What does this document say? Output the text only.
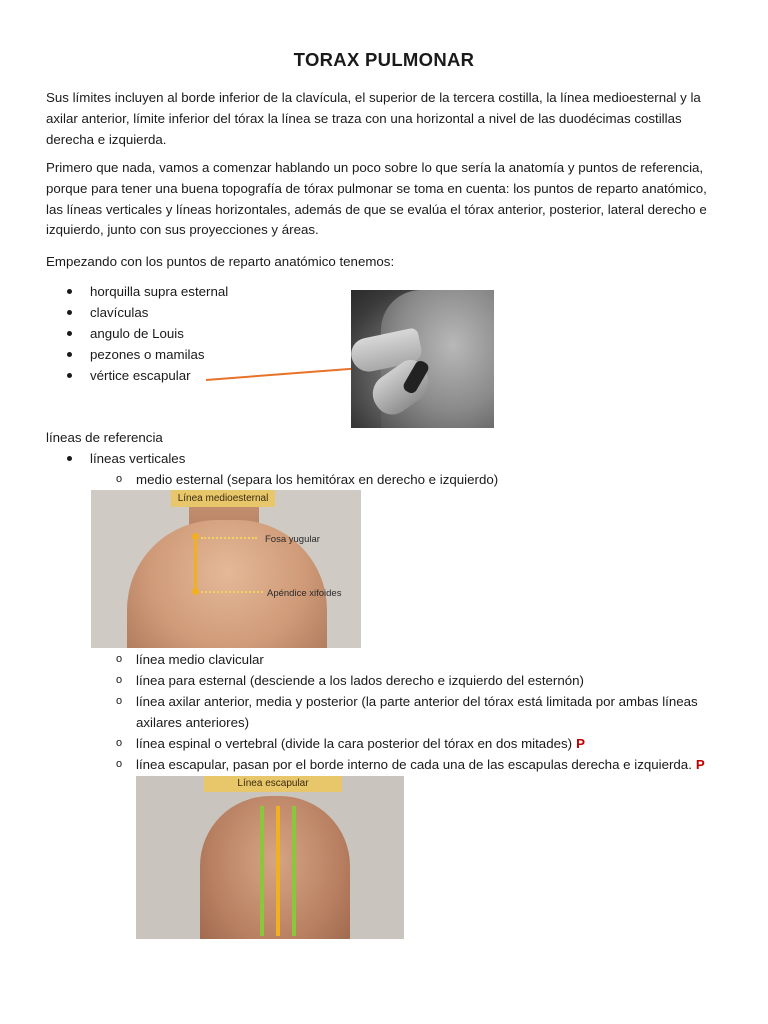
TORAX PULMONAR
Sus límites incluyen al borde inferior de la clavícula, el superior de la tercera costilla, la línea medioesternal y la axilar anterior, límite inferior del tórax la línea se traza con una horizontal a nivel de las duodécimas costillas derecha e izquierda.
Primero que nada, vamos a comenzar hablando un poco sobre lo que sería la anatomía y puntos de referencia, porque para tener una buena topografía de tórax pulmonar se toma en cuenta: los puntos de reparto anatómico, las líneas verticales y líneas horizontales, además de que se evalúa el tórax anterior, posterior, lateral derecho e izquierdo, junto con sus proyecciones y áreas.
Empezando con los puntos de reparto anatómico tenemos:
horquilla supra esternal
clavículas
angulo de Louis
pezones o mamilas
vértice escapular
líneas de referencia
líneas verticales
o medio esternal (separa los hemitórax en derecho e izquierdo)
Línea medioesternal
Fosa yugular
Apéndice xifoides
o línea medio clavicular
o línea para esternal (desciende a los lados derecho e izquierdo del esternón)
o línea axilar anterior, media y posterior (la parte anterior del tórax está limitada por ambas líneas axilares anteriores)
o línea espinal o vertebral (divide la cara posterior del tórax en dos mitades) P
o línea escapular, pasan por el borde interno de cada una de las escapulas derecha e izquierda. P
Línea escapular
